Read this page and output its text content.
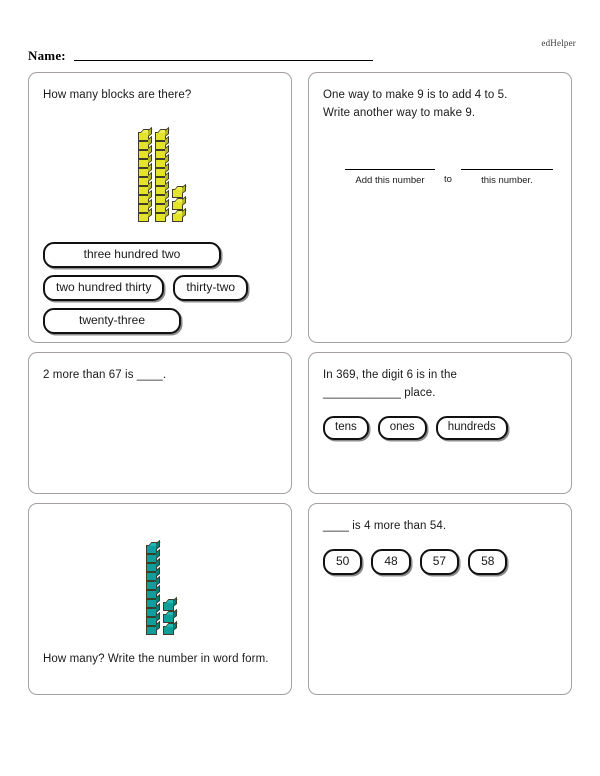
edHelper
Name:
How many blocks are there?
three hundred two
two hundred thirty	thirty-two
twenty-three
One way to make 9 is to add 4 to 5.
Write another way to make 9.
Add this number	to	this number.
2 more than 67 is ____.	In 369, the digit 6 is in the
____________ place.
tens	ones	hundreds
How many? Write the number in word form.
____ is 4 more than 54.
50	48	57	58
